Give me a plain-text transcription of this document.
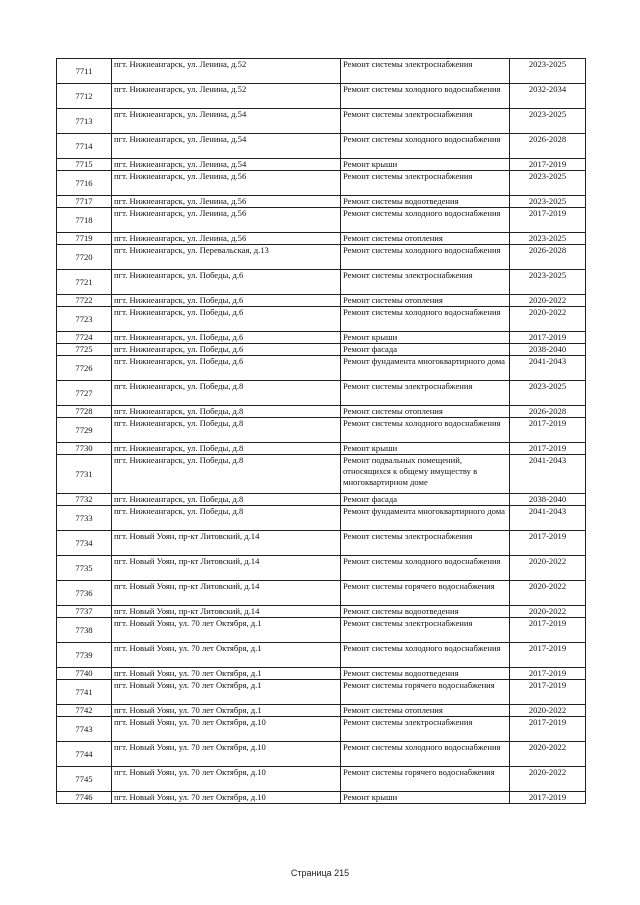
7711	пгт. Нижнеангарск, ул. Ленина, д.52	Ремонт системы электроснабжения	2023-2025
7712	пгт. Нижнеангарск, ул. Ленина, д.52	Ремонт системы холодного водоснабжения	2032-2034
7713	пгт. Нижнеангарск, ул. Ленина, д.54	Ремонт системы электроснабжения	2023-2025
7714	пгт. Нижнеангарск, ул. Ленина, д.54	Ремонт системы холодного водоснабжения	2026-2028
7715	пгт. Нижнеангарск, ул. Ленина, д.54	Ремонт крыши	2017-2019
7716	пгт. Нижнеангарск, ул. Ленина, д.56	Ремонт системы электроснабжения	2023-2025
7717	пгт. Нижнеангарск, ул. Ленина, д.56	Ремонт системы водоотведения	2023-2025
7718	пгт. Нижнеангарск, ул. Ленина, д.56	Ремонт системы холодного водоснабжения	2017-2019
7719	пгт. Нижнеангарск, ул. Ленина, д.56	Ремонт системы отопления	2023-2025
7720	пгт. Нижнеангарск, ул. Перевальская, д.13	Ремонт системы холодного водоснабжения	2026-2028
7721	пгт. Нижнеангарск, ул. Победы, д.6	Ремонт системы электроснабжения	2023-2025
7722	пгт. Нижнеангарск, ул. Победы, д.6	Ремонт системы отопления	2020-2022
7723	пгт. Нижнеангарск, ул. Победы, д.6	Ремонт системы холодного водоснабжения	2020-2022
7724	пгт. Нижнеангарск, ул. Победы, д.6	Ремонт крыши	2017-2019
7725	пгт. Нижнеангарск, ул. Победы, д.6	Ремонт фасада	2038-2040
7726	пгт. Нижнеангарск, ул. Победы, д.6	Ремонт фундамента многоквартирного дома	2041-2043
7727	пгт. Нижнеангарск, ул. Победы, д.8	Ремонт системы электроснабжения	2023-2025
7728	пгт. Нижнеангарск, ул. Победы, д.8	Ремонт системы отопления	2026-2028
7729	пгт. Нижнеангарск, ул. Победы, д.8	Ремонт системы холодного водоснабжения	2017-2019
7730	пгт. Нижнеангарск, ул. Победы, д.8	Ремонт крыши	2017-2019
7731	пгт. Нижнеангарск, ул. Победы, д.8	Ремонт подвальных помещений, относящихся к общему имуществу в многоквартирном доме	2041-2043
7732	пгт. Нижнеангарск, ул. Победы, д.8	Ремонт фасада	2038-2040
7733	пгт. Нижнеангарск, ул. Победы, д.8	Ремонт фундамента многоквартирного дома	2041-2043
7734	пгт. Новый Уоян, пр-кт Литовский, д.14	Ремонт системы электроснабжения	2017-2019
7735	пгт. Новый Уоян, пр-кт Литовский, д.14	Ремонт системы холодного водоснабжения	2020-2022
7736	пгт. Новый Уоян, пр-кт Литовский, д.14	Ремонт системы горячего водоснабжения	2020-2022
7737	пгт. Новый Уоян, пр-кт Литовский, д.14	Ремонт системы водоотведения	2020-2022
7738	пгт. Новый Уоян, ул. 70 лет Октября, д.1	Ремонт системы электроснабжения	2017-2019
7739	пгт. Новый Уоян, ул. 70 лет Октября, д.1	Ремонт системы холодного водоснабжения	2017-2019
7740	пгт. Новый Уоян, ул. 70 лет Октября, д.1	Ремонт системы водоотведения	2017-2019
7741	пгт. Новый Уоян, ул. 70 лет Октября, д.1	Ремонт системы горячего водоснабжения	2017-2019
7742	пгт. Новый Уоян, ул. 70 лет Октября, д.1	Ремонт системы отопления	2020-2022
7743	пгт. Новый Уоян, ул. 70 лет Октября, д.10	Ремонт системы электроснабжения	2017-2019
7744	пгт. Новый Уоян, ул. 70 лет Октября, д.10	Ремонт системы холодного водоснабжения	2020-2022
7745	пгт. Новый Уоян, ул. 70 лет Октября, д.10	Ремонт системы горячего водоснабжения	2020-2022
7746	пгт. Новый Уоян, ул. 70 лет Октября, д.10	Ремонт крыши	2017-2019
Страница 215
